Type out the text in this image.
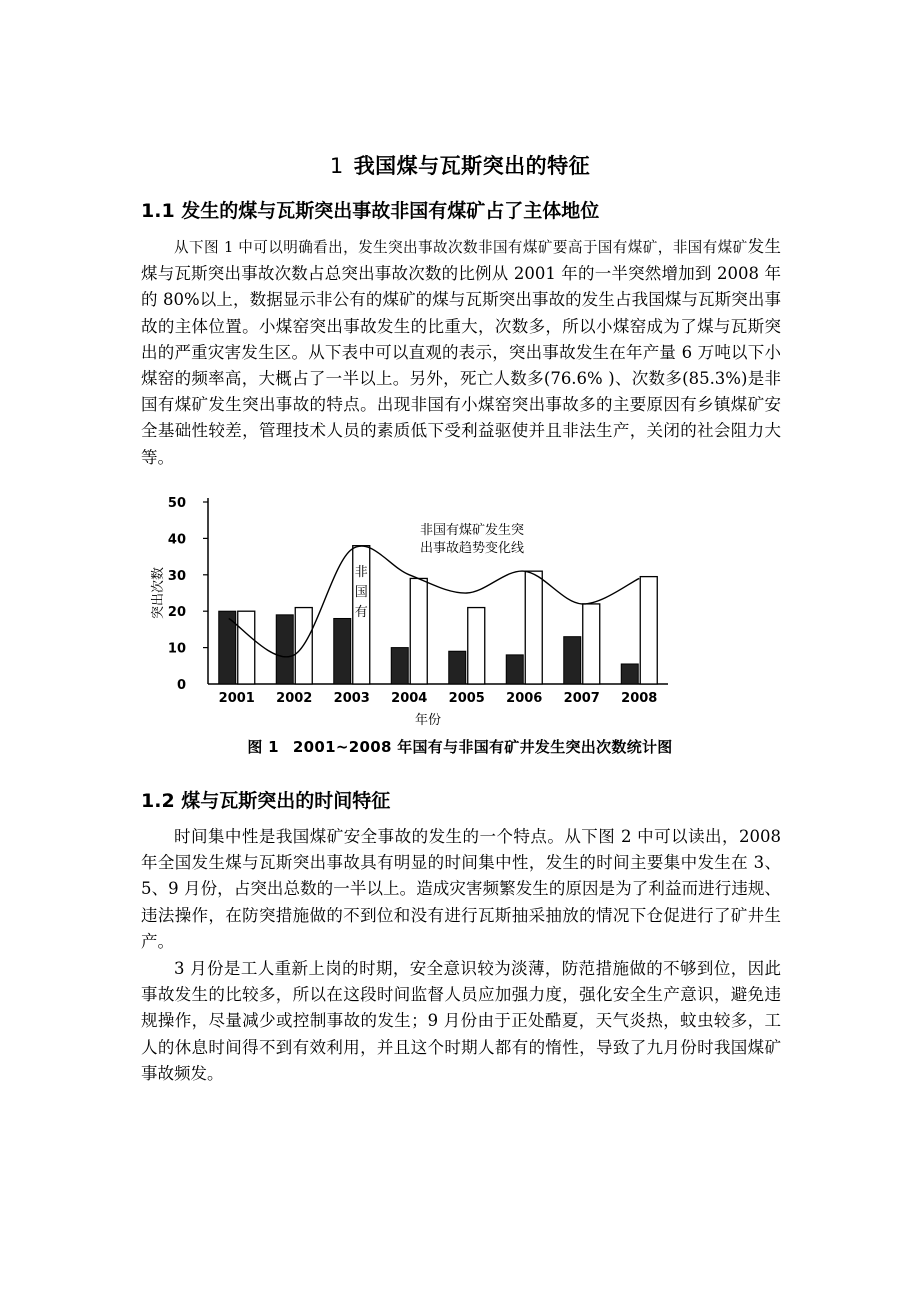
1 我国煤与瓦斯突出的特征
1.1 发生的煤与瓦斯突出事故非国有煤矿占了主体地位
从下图 1 中可以明确看出，发生突出事故次数非国有煤矿要高于国有煤矿，非国有煤矿发生煤与瓦斯突出事故次数占总突出事故次数的比例从 2001 年的一半突然增加到 2008 年的 80%以上，数据显示非公有的煤矿的煤与瓦斯突出事故的发生占我国煤与瓦斯突出事故的主体位置。小煤窑突出事故发生的比重大，次数多，所以小煤窑成为了煤与瓦斯突出的严重灾害发生区。从下表中可以直观的表示，突出事故发生在年产量 6 万吨以下小煤窑的频率高，大概占了一半以上。另外，死亡人数多(76.6% )、次数多(85.3%)是非国有煤矿发生突出事故的特点。出现非国有小煤窑突出事故多的主要原因有乡镇煤矿安全基础性较差，管理技术人员的素质低下受利益驱使并且非法生产，关闭的社会阻力大等。
0
10
20
30
40
50
突出次数
2001 2002 2003 2004 2005 2006 2007 2008
年份
非国有煤矿发生突
出事故趋势变化线
非
国
有
图 1 2001~2008 年国有与非国有矿井发生突出次数统计图
1.2 煤与瓦斯突出的时间特征

时间集中性是我国煤矿安全事故的发生的一个特点。从下图 2 中可以读出，2008 年全国发生煤与瓦斯突出事故具有明显的时间集中性，发生的时间主要集中发生在 3、5、9 月份，占突出总数的一半以上。造成灾害频繁发生的原因是为了利益而进行违规、违法操作，在防突措施做的不到位和没有进行瓦斯抽采抽放的情况下仓促进行了矿井生产。

3 月份是工人重新上岗的时期，安全意识较为淡薄，防范措施做的不够到位，因此事故发生的比较多，所以在这段时间监督人员应加强力度，强化安全生产意识，避免违规操作，尽量减少或控制事故的发生；9 月份由于正处酷夏，天气炎热，蚊虫较多，工人的休息时间得不到有效利用，并且这个时期人都有的惰性，导致了九月份时我国煤矿事故频发。
